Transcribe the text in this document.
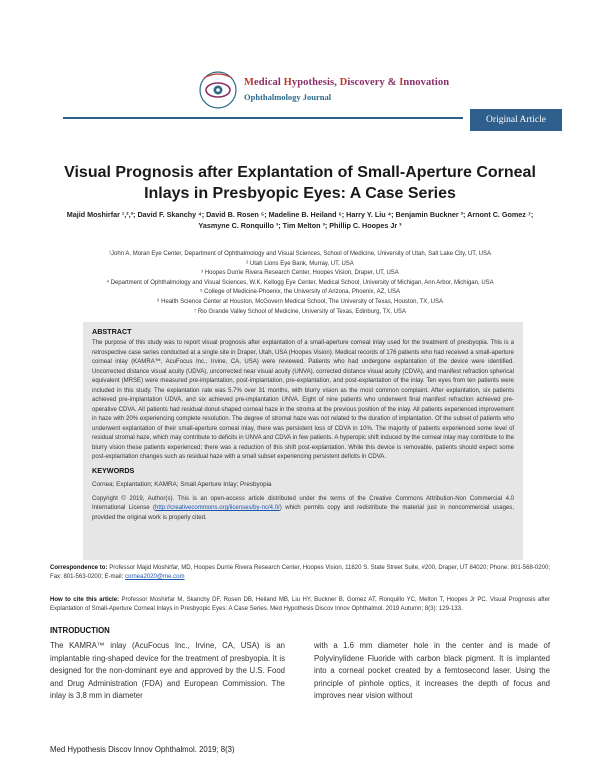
Medical Hypothesis, Discovery & Innovation
Ophthalmology Journal
Original Article
Visual Prognosis after Explantation of Small-Aperture Corneal
Inlays in Presbyopic Eyes: A Case Series
Majid Moshirfar ¹,²,³; David F. Skanchy ⁴; David B. Rosen ⁵; Madeline B. Heiland ⁶; Harry Y. Liu ⁴; Benjamin Buckner ³; Arnont C. Gomez ⁷;
Yasmyne C. Ronquillo ³; Tim Melton ³; Phillip C. Hoopes Jr ³
¹John A. Moran Eye Center, Department of Ophthalmology and Visual Sciences, School of Medicine, University of Utah, Salt Lake City, UT, USA
² Utah Lions Eye Bank, Murray, UT, USA
³ Hoopes Durrie Rivera Research Center, Hoopes Vision, Draper, UT, USA
⁴ Department of Ophthalmology and Visual Sciences, W.K. Kellogg Eye Center, Medical School, University of Michigan, Ann Arbor, Michigan, USA
⁵ College of Medicine-Phoenix, the University of Arizona, Phoenix, AZ, USA
⁶ Health Science Center at Houston, McGovern Medical School, The University of Texas, Houston, TX, USA
⁷ Rio Grande Valley School of Medicine, University of Texas, Edinburg, TX, USA
ABSTRACT
The purpose of this study was to report visual prognosis after explantation of a small-aperture corneal inlay used for the treatment of presbyopia. This is a retrospective case series conducted at a single site in Draper, Utah, USA (Hoopes Vision). Medical records of 176 patients who had received a small-aperture corneal inlay (KAMRA™, AcuFocus Inc., Irvine, CA, USA) were reviewed. Patients who had undergone explantation of the device were identified. Uncorrected distance visual acuity (UDVA), uncorrected near visual acuity (UNVA), corrected distance visual acuity (CDVA), and manifest refraction spherical equivalent (MRSE) were measured pre-implantation, post-implantation, pre-explantation, and post-explantation of the inlay. Ten eyes from ten patients were included in this study. The explantation rate was 5.7% over 31 months, with blurry vision as the most common complaint. After explantation, six patients achieved pre-implantation UDVA, and six achieved pre-implantation UNVA. Eight of nine patients who underwent final manifest refraction achieved pre-operative CDVA. All patients had residual donut-shaped corneal haze in the stroma at the previous position of the inlay. All patients experienced improvement in haze with 20% experiencing complete resolution. The degree of stromal haze was not related to the duration of implantation. Of the subset of patients who underwent explantation of their small-aperture corneal inlay, there was persistent loss of CDVA in 10%. The majority of patients experienced some level of residual stromal haze, which may contribute to deficits in UNVA and CDVA in few patients. A hyperopic shift induced by the corneal inlay may contribute to the blurry vision these patients experienced; there was a reduction of this shift post-explantation. While this device is removable, patients should expect some post-explantation changes such as residual haze with a small subset experiencing persistent deficits in CDVA.
KEYWORDS
Cornea; Explantation; KAMRA; Small Aperture Inlay; Presbyopia
Copyright © 2019, Author(s). This is an open-access article distributed under the terms of the Creative Commons Attribution-Non Commercial 4.0 International License (http://creativecommons.org/licenses/by-nc/4.0/) which permits copy and redistribute the material just in noncommercial usages, provided the original work is properly cited.
Correspondence to: Professor Majid Moshirfar, MD, Hoopes Durrie Rivera Research Center, Hoopes Vision, 11820 S. State Street Suite, #200, Draper, UT 84020; Phone: 801-568-0200; Fax: 801-563-0200; E-mail: cornea2020@me.com
How to cite this article: Professor Moshirfar M, Skanchy DF, Rosen DB, Heiland MB, Liu HY, Buckner B, Gomez AT, Ronquillo YC, Melton T, Hoopes Jr PC. Visual Prognosis after Explantation of Small-Aperture Corneal Inlays in Presbyopic Eyes: A Case Series. Med Hypothesis Discov Innov Ophthalmol. 2019 Autumn; 8(3): 129-133.
INTRODUCTION
The KAMRA™ inlay (AcuFocus Inc., Irvine, CA, USA) is an implantable ring-shaped device for the treatment of presbyopia. It is designed for the non-dominant eye and approved by the U.S. Food and Drug Administration (FDA) and European Commission. The inlay is 3.8 mm in diameter
with a 1.6 mm diameter hole in the center and is made of Polyvinylidene Fluoride with carbon black pigment. It is implanted into a corneal pocket created by a femtosecond laser. Using the principle of pinhole optics, it increases the depth of focus and improves near vision without
Med Hypothesis Discov Innov Ophthalmol. 2019; 8(3)
